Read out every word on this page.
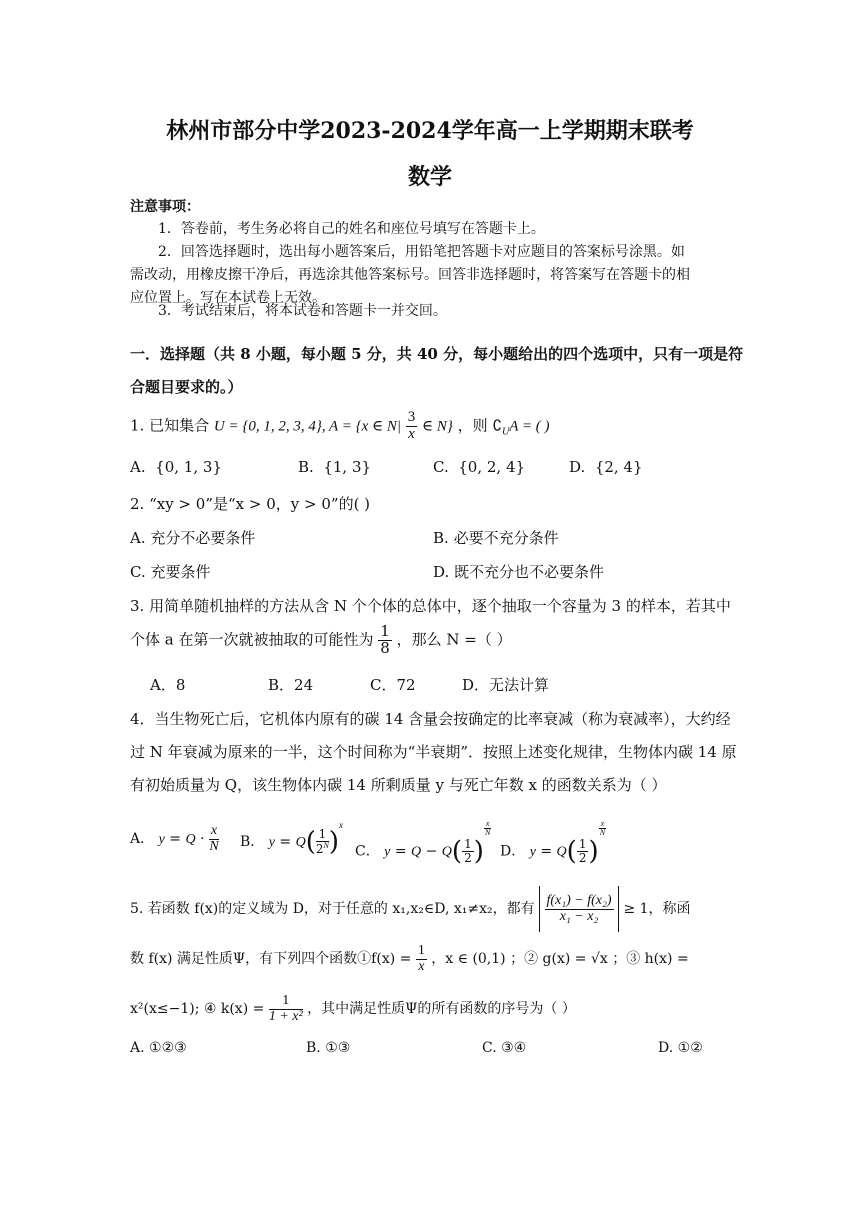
林州市部分中学2023-2024学年高一上学期期末联考
数学
注意事项：
1．答卷前，考生务必将自己的姓名和座位号填写在答题卡上。
2．回答选择题时，选出每小题答案后，用铅笔把答题卡对应题目的答案标号涂黑。如
需改动，用橡皮擦干净后，再选涂其他答案标号。回答非选择题时，将答案写在答题卡的相
应位置上。写在本试卷上无效。
3．考试结束后，将本试卷和答题卡一并交回。
一．选择题（共 8 小题，每小题 5 分，共 40 分，每小题给出的四个选项中，只有一项是符
合题目要求的。）
1. 已知集合 U = {0, 1, 2, 3, 4}, A = {x ∈ $N| \frac{3}{x}$ ∈ N} ，则 $∁_UA$ = ( )
A. {0, 1, 3}	B. {1, 3}	C. {0, 2, 4}	D. {2, 4}
2. “xy > 0”是“x > 0，y > 0”的( )
A. 充分不必要条件	B. 必要不充分条件
C. 充要条件	D. 既不充分也不必要条件
3. 用简单随机抽样的方法从含 N 个个体的总体中，逐个抽取一个容量为 3 的样本，若其中
个体 a 在第一次就被抽取的可能性为 $\frac{1}{8}$ ，那么 N =（ ）
A．8	B．24	C．72	D．无法计算
4．当生物死亡后，它机体内原有的碳 14 含量会按确定的比率衰减（称为衰减率），大约经
过 N 年衰减为原来的一半，这个时间称为“半衰期”．按照上述变化规律，生物体内碳 14 原
有初始质量为 Q，该生物体内碳 14 所剩质量 y 与死亡年数 x 的函数关系为（ ）
A． $y = Q \cdot \frac{x}{N}$ B． $y = Q( \frac{1}{2^N} )^x$
C． $y = Q - Q( \frac{1}{2}$ )
$^{\frac{x}{N}}$
D． $y = Q( \frac{1}{2}$ )
$^{\frac{x}{N}}$
5. 若函数 f(x)的定义域为 D，对于任意的 x₁,x₂∈D, x₁≠x₂，都有 $\frac{\text{f(x₁) − f(x₂)}}{\text{x₁ − x₂}} \ge 1$，称函
数 f(x) 满足性质Ψ，有下列四个函数①f(x) = $\frac{1}{x}$ ，x ∈ (0,1) ；② g(x) = √x ；③ h(x) =
x²(x≤−1); ④ $k(x) = \frac{1}{\text{1 + x²}}$ ，其中满足性质Ψ的所有函数的序号为（ ）
A. ①②③	B. ①③	C. ③④	D. ①②
